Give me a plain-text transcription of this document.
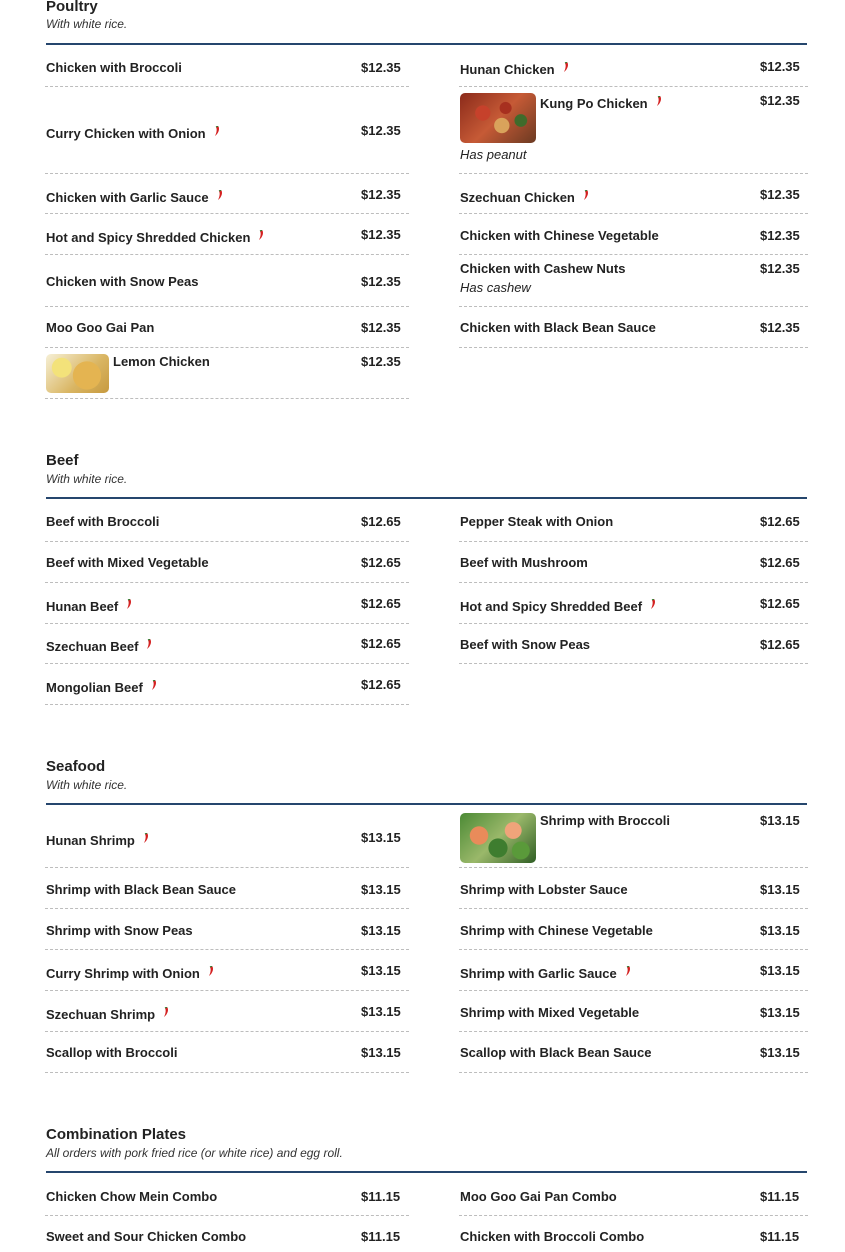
Poultry
With white rice.
Chicken with Broccoli	$12.35
Curry Chicken with Onion	$12.35
Chicken with Garlic Sauce	$12.35
Hot and Spicy Shredded Chicken	$12.35
Chicken with Snow Peas	$12.35
Moo Goo Gai Pan	$12.35
Lemon Chicken	$12.35
Hunan Chicken	$12.35
Kung Po Chicken	$12.35
Has peanut
Szechuan Chicken	$12.35
Chicken with Chinese Vegetable	$12.35
Chicken with Cashew Nuts	$12.35
Has cashew
Chicken with Black Bean Sauce	$12.35
Beef
With white rice.
Beef with Broccoli	$12.65
Beef with Mixed Vegetable	$12.65
Hunan Beef	$12.65
Szechuan Beef	$12.65
Mongolian Beef	$12.65
Pepper Steak with Onion	$12.65
Beef with Mushroom	$12.65
Hot and Spicy Shredded Beef	$12.65
Beef with Snow Peas	$12.65
Seafood
With white rice.
Hunan Shrimp	$13.15
Shrimp with Black Bean Sauce	$13.15
Shrimp with Snow Peas	$13.15
Curry Shrimp with Onion	$13.15
Szechuan Shrimp	$13.15
Scallop with Broccoli	$13.15
Shrimp with Broccoli	$13.15
Shrimp with Lobster Sauce	$13.15
Shrimp with Chinese Vegetable	$13.15
Shrimp with Garlic Sauce	$13.15
Shrimp with Mixed Vegetable	$13.15
Scallop with Black Bean Sauce	$13.15
Combination Plates
All orders with pork fried rice (or white rice) and egg roll.
Chicken Chow Mein Combo	$11.15
Sweet and Sour Chicken Combo	$11.15
Moo Goo Gai Pan Combo	$11.15
Chicken with Broccoli Combo	$11.15
